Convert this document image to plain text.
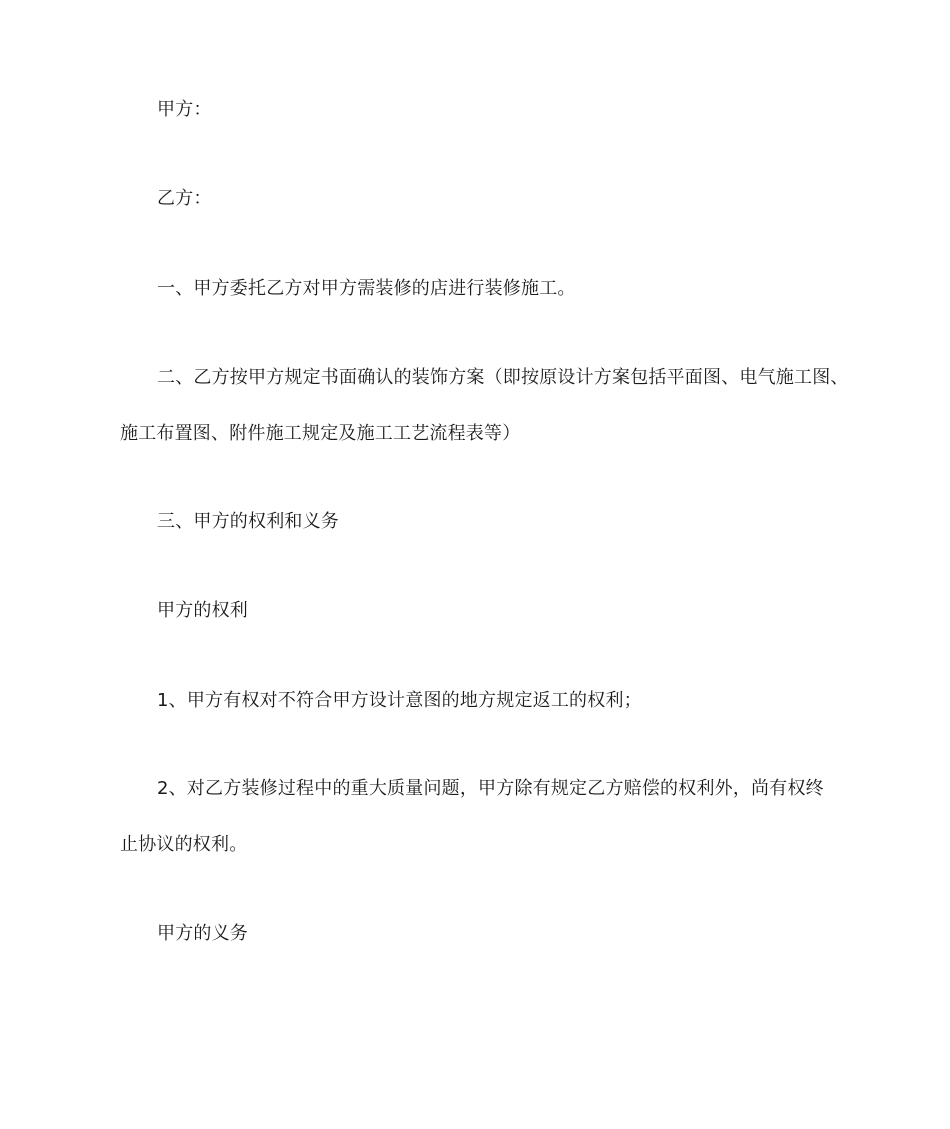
甲方：
乙方：
一、甲方委托乙方对甲方需装修的店进行装修施工。
二、乙方按甲方规定书面确认的装饰方案（即按原设计方案包括平面图、电气施工图、
施工布置图、附件施工规定及施工工艺流程表等）
三、甲方的权利和义务
甲方的权利
1、甲方有权对不符合甲方设计意图的地方规定返工的权利；
2、对乙方装修过程中的重大质量问题，甲方除有规定乙方赔偿的权利外，尚有权终
止协议的权利。
甲方的义务
